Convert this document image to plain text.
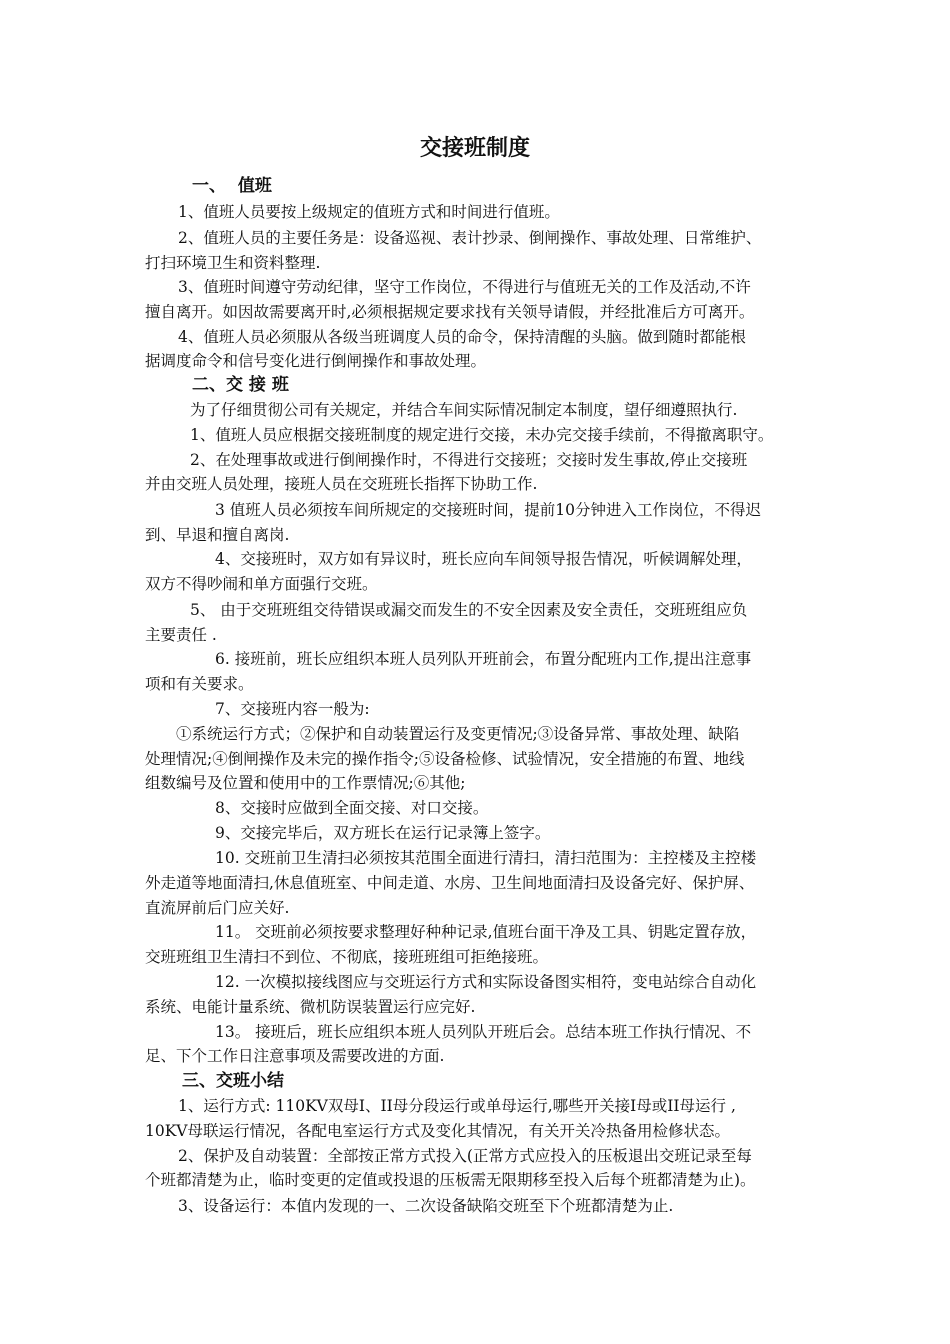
交接班制度
一、  值班
1、值班人员要按上级规定的值班方式和时间进行值班。
2、值班人员的主要任务是：设备巡视、表计抄录、倒闸操作、事故处理、日常维护、
打扫环境卫生和资料整理.
3、值班时间遵守劳动纪律，坚守工作岗位，不得进行与值班无关的工作及活动,不许
擅自离开。如因故需要离开时,必须根据规定要求找有关领导请假，并经批准后方可离开。
4、值班人员必须服从各级当班调度人员的命令，保持清醒的头脑。做到随时都能根
据调度命令和信号变化进行倒闸操作和事故处理。
二、交 接 班
为了仔细贯彻公司有关规定，并结合车间实际情况制定本制度，望仔细遵照执行.
1、值班人员应根据交接班制度的规定进行交接，未办完交接手续前，不得撤离职守。
2、在处理事故或进行倒闸操作时，不得进行交接班；交接时发生事故,停止交接班
并由交班人员处理，接班人员在交班班长指挥下协助工作.
3 值班人员必须按车间所规定的交接班时间，提前10分钟进入工作岗位，不得迟
到、早退和擅自离岗.
4、交接班时，双方如有异议时，班长应向车间领导报告情况，听候调解处理，
双方不得吵闹和单方面强行交班。
5、 由于交班班组交待错误或漏交而发生的不安全因素及安全责任，交班班组应负
主要责任 .
6. 接班前，班长应组织本班人员列队开班前会，布置分配班内工作,提出注意事
项和有关要求。
7、交接班内容一般为:
①系统运行方式；②保护和自动装置运行及变更情况;③设备异常、事故处理、缺陷
处理情况;④倒闸操作及未完的操作指令;⑤设备检修、试验情况，安全措施的布置、地线
组数编号及位置和使用中的工作票情况;⑥其他;
8、交接时应做到全面交接、对口交接。
9、交接完毕后，双方班长在运行记录簿上签字。
10. 交班前卫生清扫必须按其范围全面进行清扫，清扫范围为：主控楼及主控楼
外走道等地面清扫,休息值班室、中间走道、水房、卫生间地面清扫及设备完好、保护屏、
直流屏前后门应关好.
11。 交班前必须按要求整理好种种记录,值班台面干净及工具、钥匙定置存放，
交班班组卫生清扫不到位、不彻底，接班班组可拒绝接班。
12. 一次模拟接线图应与交班运行方式和实际设备图实相符，变电站综合自动化
系统、电能计量系统、微机防误装置运行应完好.
13。 接班后，班长应组织本班人员列队开班后会。总结本班工作执行情况、不
足、下个工作日注意事项及需要改进的方面.
三、交班小结
1、运行方式: 110KV双母Ⅰ、II母分段运行或单母运行,哪些开关接Ⅰ母或II母运行 ,
10KV母联运行情况，各配电室运行方式及变化其情况，有关开关冷热备用检修状态。
2、保护及自动装置：全部按正常方式投入(正常方式应投入的压板退出交班记录至每
个班都清楚为止，临时变更的定值或投退的压板需无限期移至投入后每个班都清楚为止)。
3、设备运行：本值内发现的一、二次设备缺陷交班至下个班都清楚为止.
